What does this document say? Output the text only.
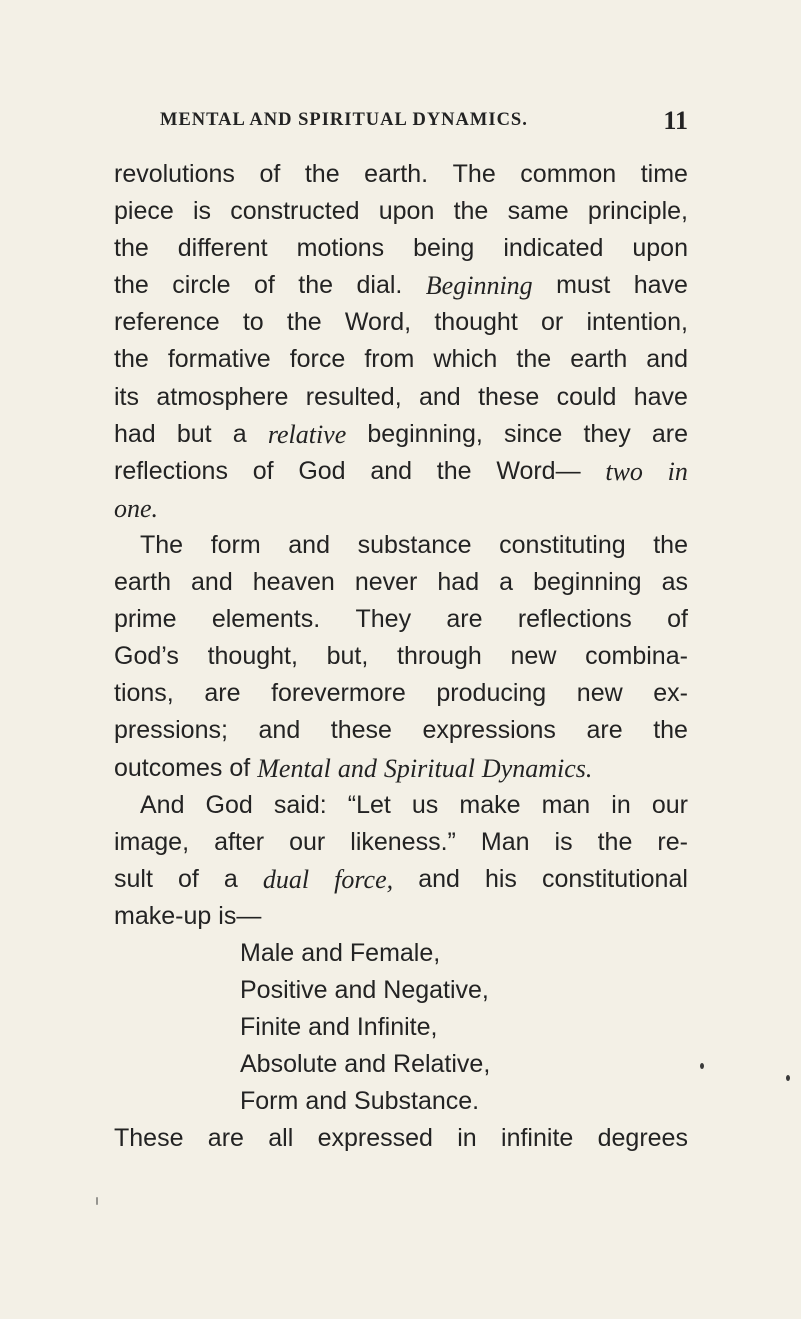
MENTAL AND SPIRITUAL DYNAMICS.	11
revolutions of the earth. The common time
piece is constructed upon the same principle,
the different motions being indicated upon
the circle of the dial. Beginning must have
reference to the Word, thought or intention,
the formative force from which the earth and
its atmosphere resulted, and these could have
had but a relative beginning, since they are
reflections of God and the Word— two in
one.
The form and substance constituting the
earth and heaven never had a beginning as
prime elements. They are reflections of
God’s thought, but, through new combina-
tions, are forevermore producing new ex-
pressions; and these expressions are the
outcomes of Mental and Spiritual Dynamics.
And God said: “Let us make man in our
image, after our likeness.” Man is the re-
sult of a dual force, and his constitutional
make-up is—
Male and Female,
Positive and Negative,
Finite and Infinite,
Absolute and Relative,
Form and Substance.
These are all expressed in infinite degrees
